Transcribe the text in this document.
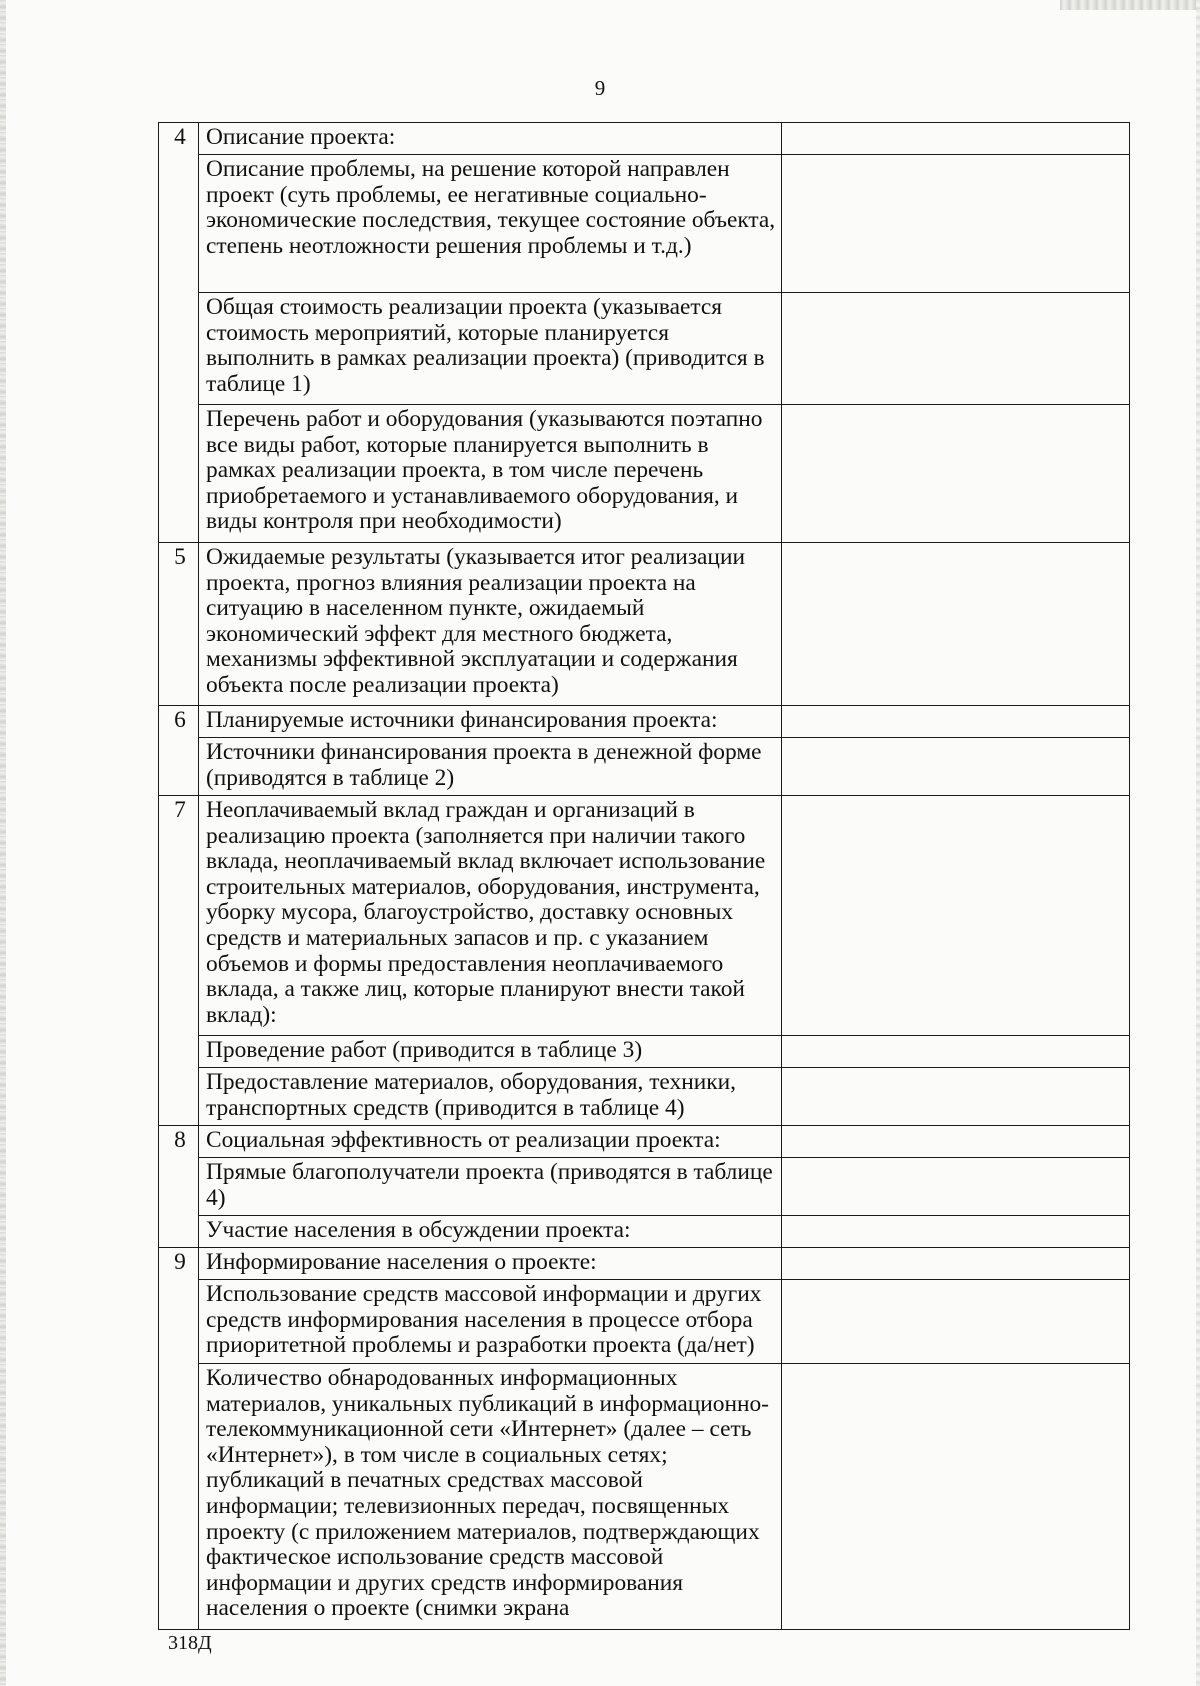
9
4	Описание проекта:	
	Описание проблемы, на решение которой направлен проект (суть проблемы, ее негативные социально-экономические последствия, текущее состояние объекта, степень неотложности решения проблемы и т.д.)	
	Общая стоимость реализации проекта (указывается стоимость мероприятий, которые планируется выполнить в рамках реализации проекта) (приводится в таблице 1)	
	Перечень работ и оборудования (указываются поэтапно все виды работ, которые планируется выполнить в рамках реализации проекта, в том числе перечень приобретаемого и устанавливаемого оборудования, и виды контроля при необходимости)	
5	Ожидаемые результаты (указывается итог реализации проекта, прогноз влияния реализации проекта на ситуацию в населенном пункте, ожидаемый экономический эффект для местного бюджета, механизмы эффективной эксплуатации и содержания объекта после реализации проекта)	
6	Планируемые источники финансирования проекта:	
	Источники финансирования проекта в денежной форме (приводятся в таблице 2)	
7	Неоплачиваемый вклад граждан и организаций в реализацию проекта (заполняется при наличии такого вклада, неоплачиваемый вклад включает использование строительных материалов, оборудования, инструмента, уборку мусора, благоустройство, доставку основных средств и материальных запасов и пр. с указанием объемов и формы предоставления неоплачиваемого вклада, а также лиц, которые планируют внести такой вклад):	
	Проведение работ (приводится в таблице 3)	
	Предоставление материалов, оборудования, техники, транспортных средств (приводится в таблице 4)	
8	Социальная эффективность от реализации проекта:	
	Прямые благополучатели проекта (приводятся в таблице 4)	
	Участие населения в обсуждении проекта:	
9	Информирование населения о проекте:	
	Использование средств массовой информации и других средств информирования населения в процессе отбора приоритетной проблемы и разработки проекта (да/нет)	
	Количество обнародованных информационных материалов, уникальных публикаций в информационно-телекоммуникационной сети «Интернет» (далее – сеть «Интернет»), в том числе в социальных сетях; публикаций в печатных средствах массовой информации; телевизионных передач, посвященных проекту (с приложением материалов, подтверждающих фактическое использование средств массовой информации и других средств информирования населения о проекте (снимки экрана	
318Д
